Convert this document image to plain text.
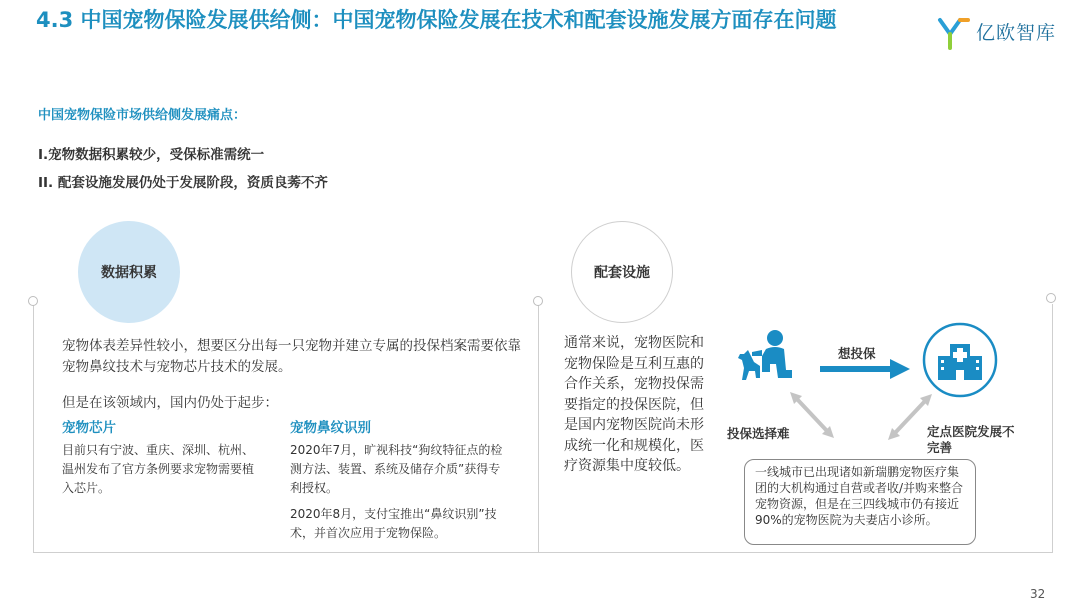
4.3 中国宠物保险发展供给侧：中国宠物保险发展在技术和配套设施发展方面存在问题
亿欧智库
中国宠物保险市场供给侧发展痛点：
I.宠物数据积累较少，受保标准需统一
II. 配套设施发展仍处于发展阶段，资质良莠不齐
数据积累	配套设施
宠物体表差异性较小，想要区分出每一只宠物并建立专属的投保档案需要依靠宠物鼻纹技术与宠物芯片技术的发展。
但是在该领域内，国内仍处于起步：
宠物芯片	宠物鼻纹识别
目前只有宁波、重庆、深圳、杭州、温州发布了官方条例要求宠物需要植入芯片。
2020年7月，旷视科技“狗纹特征点的检测方法、装置、系统及储存介质”获得专利授权。
2020年8月，支付宝推出“鼻纹识别”技术，并首次应用于宠物保险。
通常来说，宠物医院和宠物保险是互利互惠的合作关系，宠物投保需要指定的投保医院，但是国内宠物医院尚未形成统一化和规模化，医疗资源集中度较低。
想投保
投保选择难	定点医院发展不完善
一线城市已出现诸如新瑞鹏宠物医疗集团的大机构通过自营或者收/并购来整合宠物资源，但是在三四线城市仍有接近90%的宠物医院为夫妻店小诊所。
32
